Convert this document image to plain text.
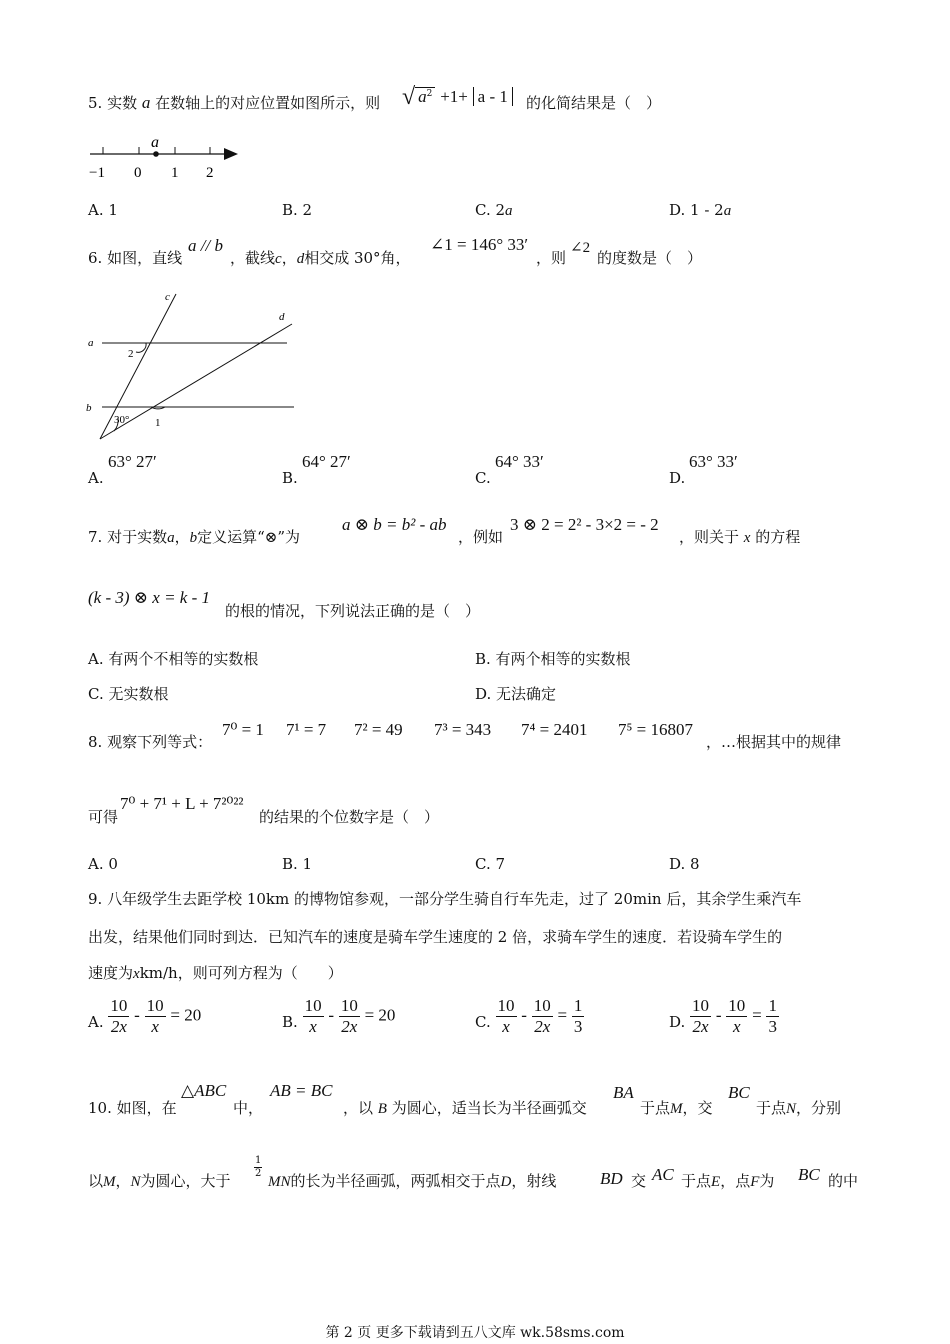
5. 实数 a 在数轴上的对应位置如图所示，则 √ $a^2 +1+ a - 1$	的化简结果是（　）
a
−1 0 1 2
A. 1	B. 2	C. 2a	D. 1 - 2a
6. 如图，直线
a // b
，截线c，d相交成 30°角，
∠1 = 146° 33′
，则
∠2
的度数是（　）
c
d
a
b
2
30° 1
A.
63° 27′
B.
64° 27′
C.
64° 33′
D.
63° 33′
7. 对于实数a，b定义运算“⊗”为
a ⊗ b = b² - ab
，例如
3 ⊗ 2 = 2² - 3×2 = - 2
，则关于 x 的方程
(k - 3) ⊗ x = k - 1
的根的情况，下列说法正确的是（　）
A. 有两个不相等的实数根	B. 有两个相等的实数根
C. 无实数根	D. 无法确定
8. 观察下列等式：
7⁰ = 1 7¹ = 7 7² = 49 7³ = 343 7⁴ = 2401 7⁵ = 16807
，…根据其中的规律
可得
7⁰ + 7¹ + L + 7²⁰²²
的结果的个位数字是（　）
A. 0	B. 1	C. 7	D. 8
9. 八年级学生去距学校 10km 的博物馆参观，一部分学生骑自行车先走，过了 20min 后，其余学生乘汽车
出发，结果他们同时到达．已知汽车的速度是骑车学生速度的 2 倍，求骑车学生的速度．若设骑车学生的
速度为xkm/h，则可列方程为（　　）
A. $\frac{10}{2x} - \frac{10}{x} = 20$	B. $\frac{10}{x} - \frac{10}{2x} = 20$	C. $\frac{10}{x} - \frac{10}{2x} = \frac{1}{3}$	D. $\frac{10}{2x} - \frac{10}{x} = \frac{1}{3}$
10. 如图，在
△ABC
中，
AB = BC
，以 B 为圆心，适当长为半径画弧交
BA
于点M，交
BC
于点N，分别
以M，N为圆心，大于
1
2
MN的长为半径画弧，两弧相交于点D，射线	BD 交 AC 于点E，点F为 BC 的中
第 2 页 更多下载请到五八文库 wk.58sms.com
